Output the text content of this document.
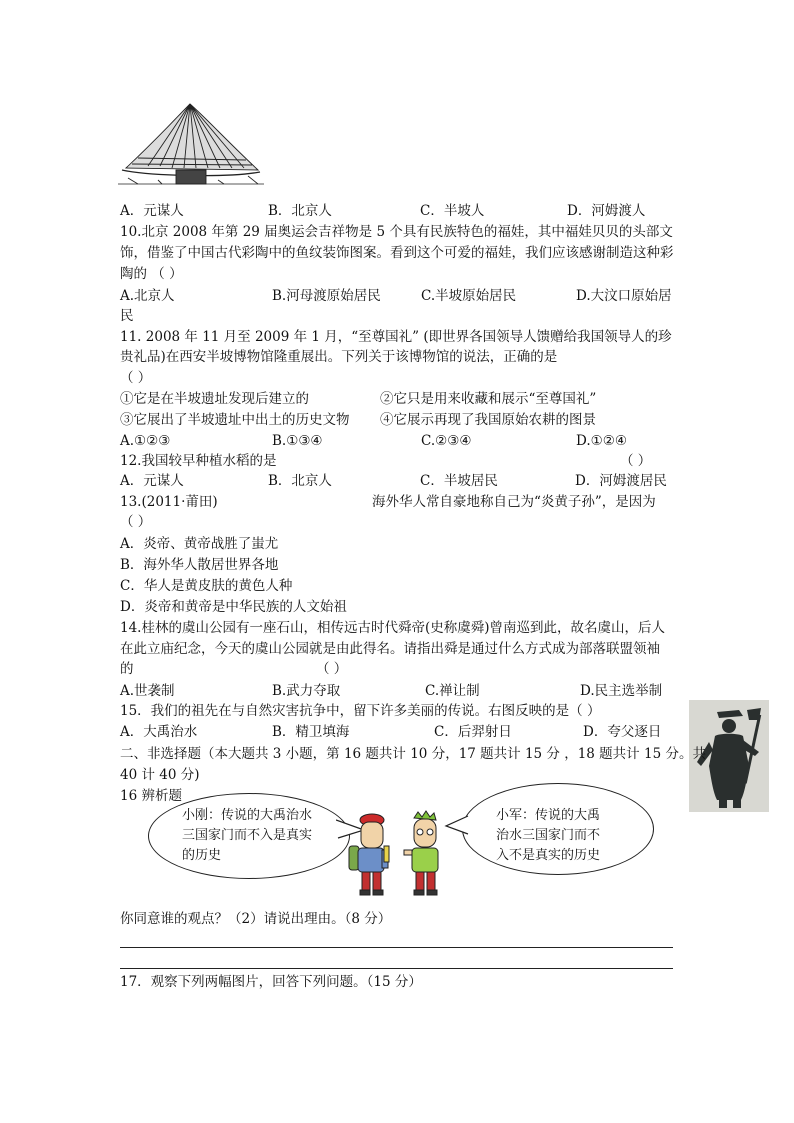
A．元谋人	B．北京人	C．半坡人	D．河姆渡人
10.北京 2008 年第 29 届奥运会吉祥物是 5 个具有民族特色的福娃，其中福娃贝贝的头部文
饰，借鉴了中国古代彩陶中的鱼纹装饰图案。看到这个可爱的福娃，我们应该感谢制造这种彩
陶的 （ ）
A.北京人	B.河母渡原始居民	C.半坡原始居民	D.大汶口原始居
民
11. 2008 年 11 月至 2009 年 1 月，“至尊国礼” (即世界各国领导人馈赠给我国领导人的珍
贵礼品)在西安半坡博物馆隆重展出。下列关于该博物馆的说法，正确的是
（ ）
①它是在半坡遗址发现后建立的	②它只是用来收藏和展示“至尊国礼”
③它展出了半坡遗址中出土的历史文物 ④它展示再现了我国原始农耕的图景
A.①②③	B.①③④	C.②③④	D.①②④
12.我国较早种植水稻的是	（ ）
A．元谋人	B．北京人	C．半坡居民	D．河姆渡居民
13.(2011·莆田)	海外华人常自豪地称自己为“炎黄子孙”，是因为
（ ）
A．炎帝、黄帝战胜了蚩尤
B．海外华人散居世界各地
C．华人是黄皮肤的黄色人种
D．炎帝和黄帝是中华民族的人文始祖
14.桂林的虞山公园有一座石山，相传远古时代舜帝(史称虞舜)曾南巡到此，故名虞山，后人
在此立庙纪念，今天的虞山公园就是由此得名。请指出舜是通过什么方式成为部落联盟领袖
的	（ ）
A.世袭制	B.武力夺取	C.禅让制	D.民主选举制
15．我们的祖先在与自然灾害抗争中，留下许多美丽的传说。右图反映的是（ ）
A．大禹治水	B．精卫填海	C．后羿射日	D．夸父逐日
二、非选择题（本大题共 3 小题，第 16 题共计 10 分，17 题共计 15 分 ，18 题共计 15 分。共
40 计 40 分)
16 辨析题
小刚：传说的大禹治水
三国家门而不入是真实
的历史
小军：传说的大禹
治水三国家门而不
入不是真实的历史
你同意谁的观点？（2）请说出理由。（8 分）
17．观察下列两幅图片，回答下列问题。（15 分）
